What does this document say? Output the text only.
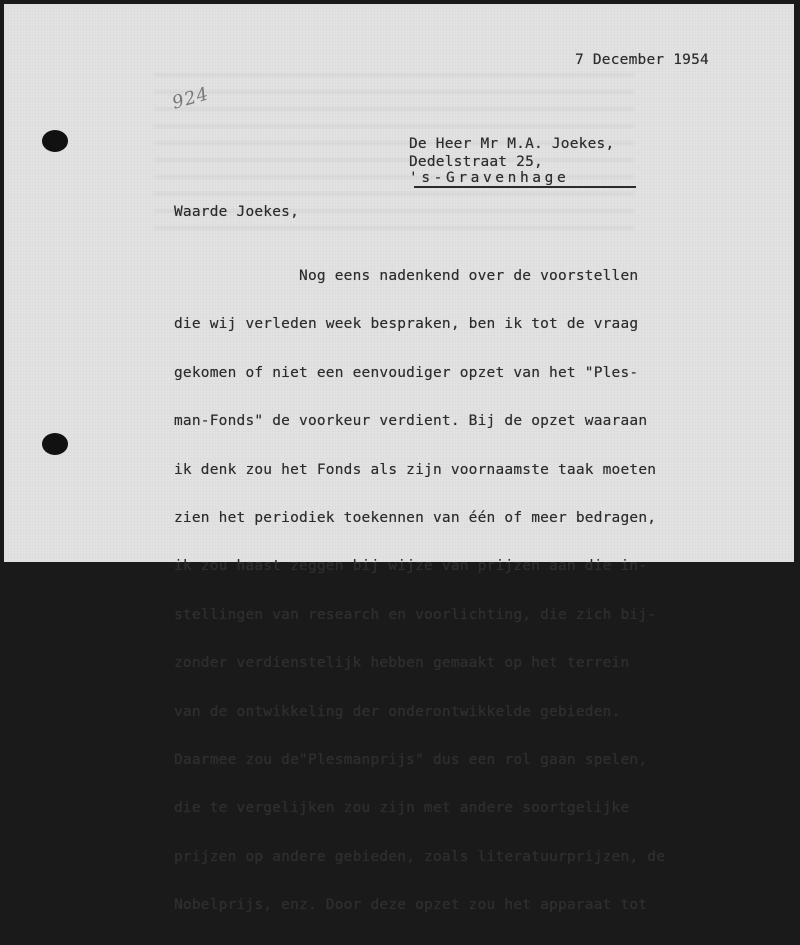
7 December 1954
924
De Heer Mr M.A. Joekes,
Dedelstraat 25,
's-Gravenhage
Waarde Joekes,

Nog eens nadenkend over de voorstellen

die wij verleden week bespraken, ben ik tot de vraag

gekomen of niet een eenvoudiger opzet van het "Ples-

man-Fonds" de voorkeur verdient. Bij de opzet waaraan

ik denk zou het Fonds als zijn voornaamste taak moeten

zien het periodiek toekennen van één of meer bedragen,

ik zou haast zeggen bij wijze van prijzen aan die in-

stellingen van research en voorlichting, die zich bij-

zonder verdienstelijk hebben gemaakt op het terrein

van de ontwikkeling der onderontwikkelde gebieden.

Daarmee zou de"Plesmanprijs" dus een rol gaan spelen,

die te vergelijken zou zijn met andere soortgelijke

prijzen op andere gebieden, zoals literatuurprijzen, de

Nobelprijs, enz. Door deze opzet zou het apparaat tot
